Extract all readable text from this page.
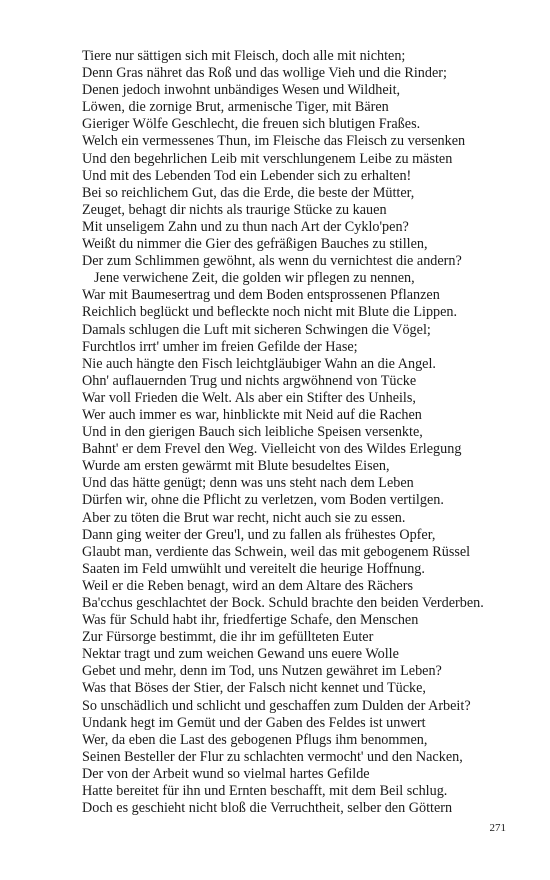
Tiere nur sättigen sich mit Fleisch, doch alle mit nichten;
Denn Gras nähret das Roß und das wollige Vieh und die Rinder;
Denen jedoch inwohnt unbändiges Wesen und Wildheit,
Löwen, die zornige Brut, armenische Tiger, mit Bären
Gieriger Wölfe Geschlecht, die freuen sich blutigen Fraßes.
Welch ein vermessenes Thun, im Fleische das Fleisch zu versenken
Und den begehrlichen Leib mit verschlungenem Leibe zu mästen
Und mit des Lebenden Tod ein Lebender sich zu erhalten!
Bei so reichlichem Gut, das die Erde, die beste der Mütter,
Zeuget, behagt dir nichts als traurige Stücke zu kauen
Mit unseligem Zahn und zu thun nach Art der Cyklo'pen?
Weißt du nimmer die Gier des gefräßigen Bauches zu stillen,
Der zum Schlimmen gewöhnt, als wenn du vernichtest die andern?
Jene verwichene Zeit, die golden wir pflegen zu nennen,
War mit Baumesertrag und dem Boden entsprossenen Pflanzen
Reichlich beglückt und befleckte noch nicht mit Blute die Lippen.
Damals schlugen die Luft mit sicheren Schwingen die Vögel;
Furchtlos irrt' umher im freien Gefilde der Hase;
Nie auch hängte den Fisch leichtgläubiger Wahn an die Angel.
Ohn' auflauernden Trug und nichts argwöhnend von Tücke
War voll Frieden die Welt. Als aber ein Stifter des Unheils,
Wer auch immer es war, hinblickte mit Neid auf die Rachen
Und in den gierigen Bauch sich leibliche Speisen versenkte,
Bahnt' er dem Frevel den Weg. Vielleicht von des Wildes Erlegung
Wurde am ersten gewärmt mit Blute besudeltes Eisen,
Und das hätte genügt; denn was uns steht nach dem Leben
Dürfen wir, ohne die Pflicht zu verletzen, vom Boden vertilgen.
Aber zu töten die Brut war recht, nicht auch sie zu essen.
Dann ging weiter der Greu'l, und zu fallen als frühestes Opfer,
Glaubt man, verdiente das Schwein, weil das mit gebogenem Rüssel
Saaten im Feld umwühlt und vereitelt die heurige Hoffnung.
Weil er die Reben benagt, wird an dem Altare des Rächers
Ba'cchus geschlachtet der Bock. Schuld brachte den beiden Verderben.
Was für Schuld habt ihr, friedfertige Schafe, den Menschen
Zur Fürsorge bestimmt, die ihr im gefüllteten Euter
Nektar tragt und zum weichen Gewand uns euere Wolle
Gebet und mehr, denn im Tod, uns Nutzen gewähret im Leben?
Was that Böses der Stier, der Falsch nicht kennet und Tücke,
So unschädlich und schlicht und geschaffen zum Dulden der Arbeit?
Undank hegt im Gemüt und der Gaben des Feldes ist unwert
Wer, da eben die Last des gebogenen Pflugs ihm benommen,
Seinen Besteller der Flur zu schlachten vermocht' und den Nacken,
Der von der Arbeit wund so vielmal hartes Gefilde
Hatte bereitet für ihn und Ernten beschafft, mit dem Beil schlug.
Doch es geschieht nicht bloß die Verruchtheit, selber den Göttern
271
